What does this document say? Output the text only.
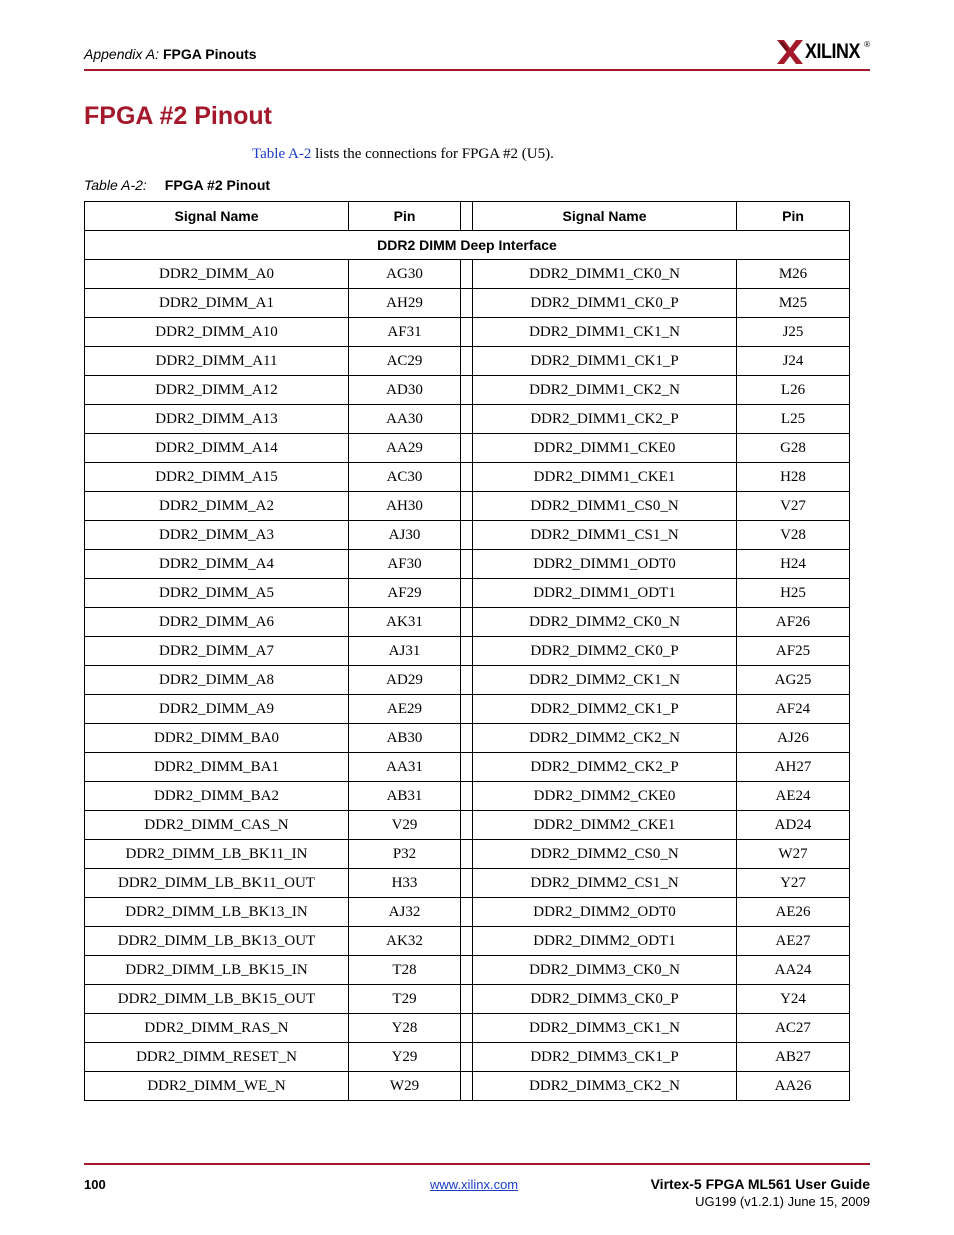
Appendix A: FPGA Pinouts	XILINX ®
FPGA #2 Pinout
Table A-2 lists the connections for FPGA #2 (U5).
Table A-2: FPGA #2 Pinout
Signal Name	Pin		Signal Name	Pin
DDR2 DIMM Deep Interface				
DDR2_DIMM_A0	AG30		DDR2_DIMM1_CK0_N	M26
DDR2_DIMM_A1	AH29		DDR2_DIMM1_CK0_P	M25
DDR2_DIMM_A10	AF31		DDR2_DIMM1_CK1_N	J25
DDR2_DIMM_A11	AC29		DDR2_DIMM1_CK1_P	J24
DDR2_DIMM_A12	AD30		DDR2_DIMM1_CK2_N	L26
DDR2_DIMM_A13	AA30		DDR2_DIMM1_CK2_P	L25
DDR2_DIMM_A14	AA29		DDR2_DIMM1_CKE0	G28
DDR2_DIMM_A15	AC30		DDR2_DIMM1_CKE1	H28
DDR2_DIMM_A2	AH30		DDR2_DIMM1_CS0_N	V27
DDR2_DIMM_A3	AJ30		DDR2_DIMM1_CS1_N	V28
DDR2_DIMM_A4	AF30		DDR2_DIMM1_ODT0	H24
DDR2_DIMM_A5	AF29		DDR2_DIMM1_ODT1	H25
DDR2_DIMM_A6	AK31		DDR2_DIMM2_CK0_N	AF26
DDR2_DIMM_A7	AJ31		DDR2_DIMM2_CK0_P	AF25
DDR2_DIMM_A8	AD29		DDR2_DIMM2_CK1_N	AG25
DDR2_DIMM_A9	AE29		DDR2_DIMM2_CK1_P	AF24
DDR2_DIMM_BA0	AB30		DDR2_DIMM2_CK2_N	AJ26
DDR2_DIMM_BA1	AA31		DDR2_DIMM2_CK2_P	AH27
DDR2_DIMM_BA2	AB31		DDR2_DIMM2_CKE0	AE24
DDR2_DIMM_CAS_N	V29		DDR2_DIMM2_CKE1	AD24
DDR2_DIMM_LB_BK11_IN	P32		DDR2_DIMM2_CS0_N	W27
DDR2_DIMM_LB_BK11_OUT	H33		DDR2_DIMM2_CS1_N	Y27
DDR2_DIMM_LB_BK13_IN	AJ32		DDR2_DIMM2_ODT0	AE26
DDR2_DIMM_LB_BK13_OUT	AK32		DDR2_DIMM2_ODT1	AE27
DDR2_DIMM_LB_BK15_IN	T28		DDR2_DIMM3_CK0_N	AA24
DDR2_DIMM_LB_BK15_OUT	T29		DDR2_DIMM3_CK0_P	Y24
DDR2_DIMM_RAS_N	Y28		DDR2_DIMM3_CK1_N	AC27
DDR2_DIMM_RESET_N	Y29		DDR2_DIMM3_CK1_P	AB27
DDR2_DIMM_WE_N	W29		DDR2_DIMM3_CK2_N	AA26
100	www.xilinx.com	Virtex-5 FPGA ML561 User Guide
UG199 (v1.2.1) June 15, 2009
